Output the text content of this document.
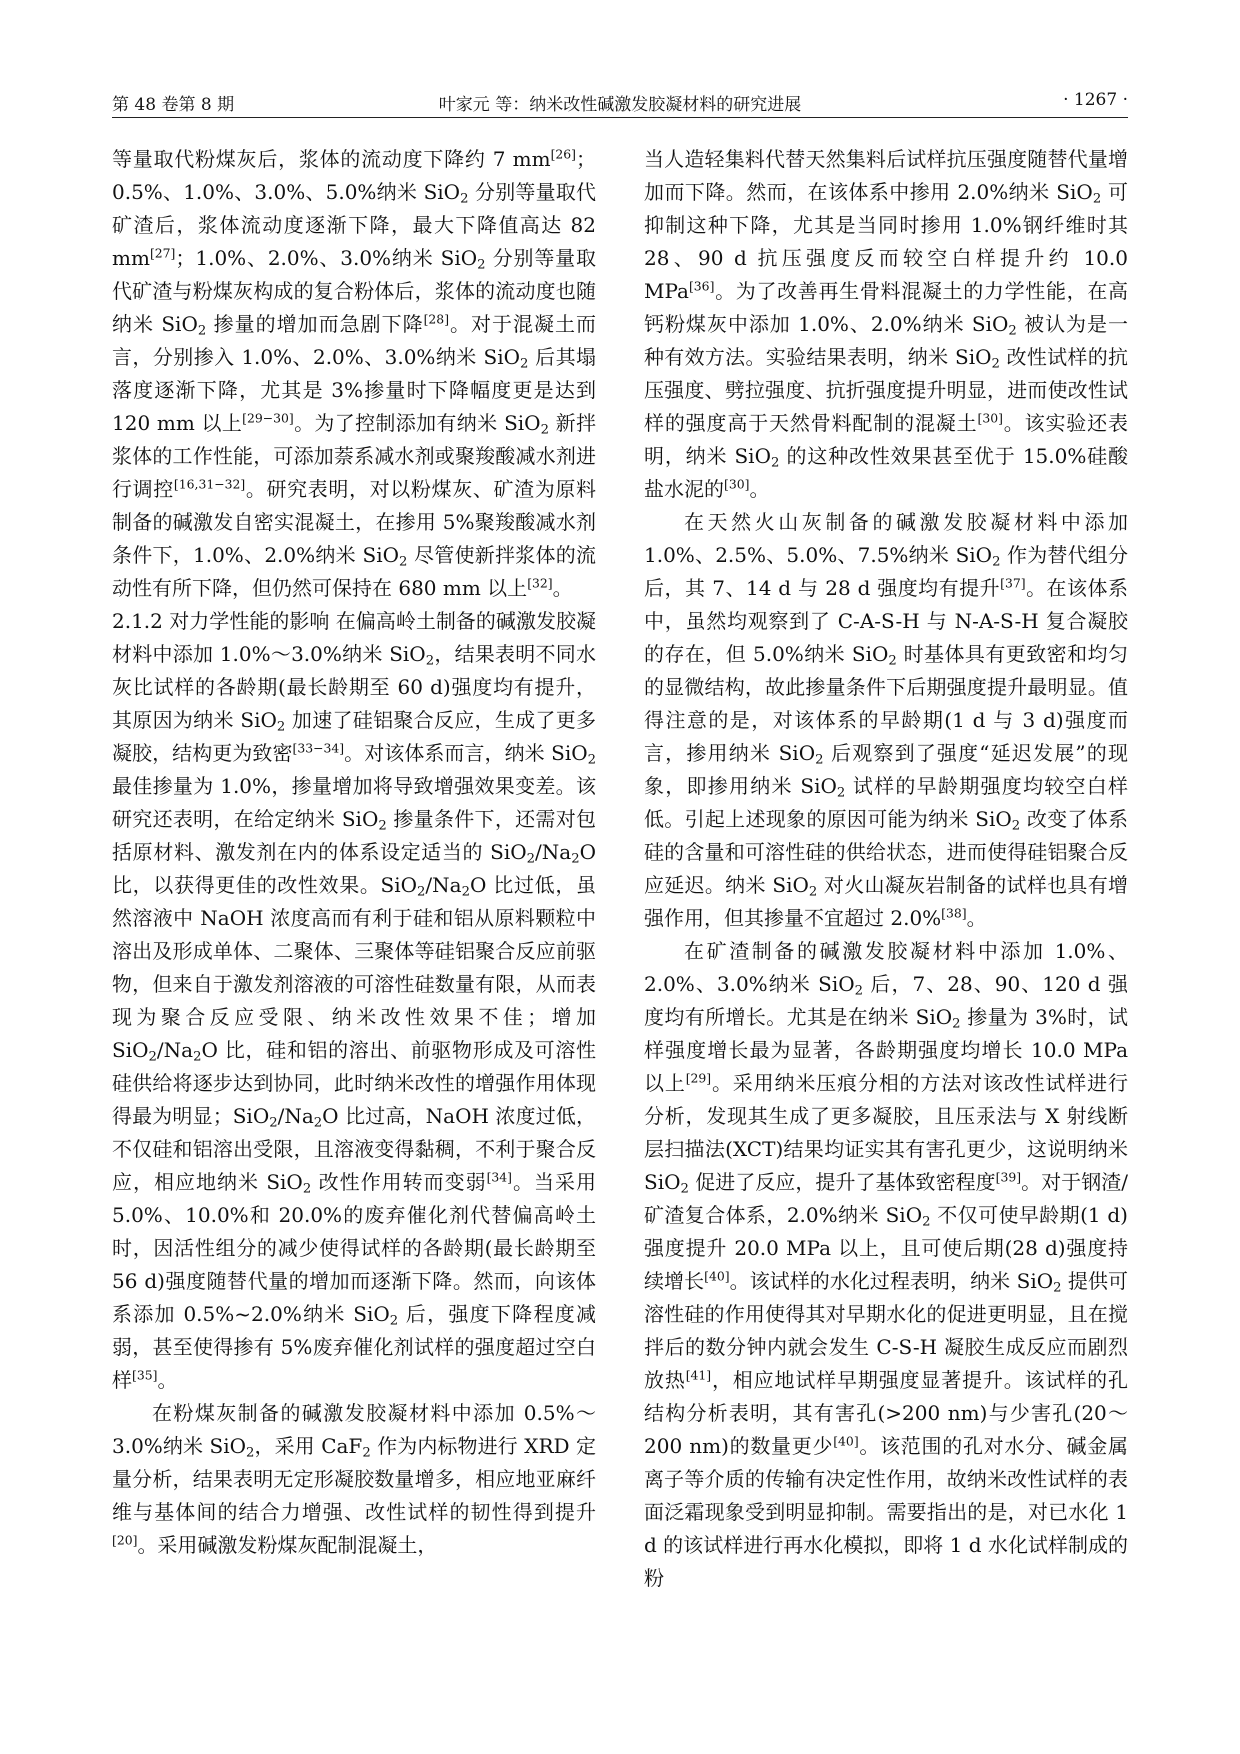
第 48 卷第 8 期	叶家元 等：纳米改性碱激发胶凝材料的研究进展	· 1267 ·

等量取代粉煤灰后，浆体的流动度下降约 7 mm[26]；0.5%、1.0%、3.0%、5.0%纳米 SiO$_2$ 分别等量取代矿渣后，浆体流动度逐渐下降，最大下降值高达 82 mm[27]；1.0%、2.0%、3.0%纳米 SiO$_2$ 分别等量取代矿渣与粉煤灰构成的复合粉体后，浆体的流动度也随纳米 SiO$_2$ 掺量的增加而急剧下降[28]。对于混凝土而言，分别掺入 1.0%、2.0%、3.0%纳米 SiO$_2$ 后其塌落度逐渐下降，尤其是 3%掺量时下降幅度更是达到 120 mm 以上[29−30]。为了控制添加有纳米 SiO$_2$ 新拌浆体的工作性能，可添加萘系减水剂或聚羧酸减水剂进行调控[16,31−32]。研究表明，对以粉煤灰、矿渣为原料制备的碱激发自密实混凝土，在掺用 5%聚羧酸减水剂条件下，1.0%、2.0%纳米 SiO$_2$ 尽管使新拌浆体的流动性有所下降，但仍然可保持在 680 mm 以上[32]。

2.1.2 对力学性能的影响 在偏高岭土制备的碱激发胶凝材料中添加 1.0%～3.0%纳米 SiO$_2$，结果表明不同水灰比试样的各龄期(最长龄期至 60 d)强度均有提升，其原因为纳米 SiO$_2$ 加速了硅铝聚合反应，生成了更多凝胶，结构更为致密[33−34]。对该体系而言，纳米 SiO$_2$ 最佳掺量为 1.0%，掺量增加将导致增强效果变差。该研究还表明，在给定纳米 SiO$_2$ 掺量条件下，还需对包括原材料、激发剂在内的体系设定适当的 $SiO_2/Na_2O$ 比，以获得更佳的改性效果。$SiO_2/Na_2O$ 比过低，虽然溶液中 NaOH 浓度高而有利于硅和铝从原料颗粒中溶出及形成单体、二聚体、三聚体等硅铝聚合反应前驱物，但来自于激发剂溶液的可溶性硅数量有限，从而表现为聚合反应受限、纳米改性效果不佳；增加 $SiO_2/Na_2O$ 比，硅和铝的溶出、前驱物形成及可溶性硅供给将逐步达到协同，此时纳米改性的增强作用体现得最为明显；$SiO_2/Na_2O$ 比过高，NaOH 浓度过低，不仅硅和铝溶出受限，且溶液变得黏稠，不利于聚合反应，相应地纳米 SiO$_2$ 改性作用转而变弱[34]。当采用 5.0%、10.0%和 20.0%的废弃催化剂代替偏高岭土时，因活性组分的减少使得试样的各龄期(最长龄期至 56 d)强度随替代量的增加而逐渐下降。然而，向该体系添加 0.5%~2.0%纳米 SiO$_2$ 后，强度下降程度减弱，甚至使得掺有 5%废弃催化剂试样的强度超过空白样[35]。

在粉煤灰制备的碱激发胶凝材料中添加 0.5%～3.0%纳米 SiO$_2$，采用 CaF$_2$ 作为内标物进行 XRD 定量分析，结果表明无定形凝胶数量增多，相应地亚麻纤维与基体间的结合力增强、改性试样的韧性得到提升[20]。采用碱激发粉煤灰配制混凝土，

当人造轻集料代替天然集料后试样抗压强度随替代量增加而下降。然而，在该体系中掺用 2.0%纳米 SiO$_2$ 可抑制这种下降，尤其是当同时掺用 1.0%钢纤维时其 28、90 d 抗压强度反而较空白样提升约 10.0 MPa[36]。为了改善再生骨料混凝土的力学性能，在高钙粉煤灰中添加 1.0%、2.0%纳米 SiO$_2$ 被认为是一种有效方法。实验结果表明，纳米 SiO$_2$ 改性试样的抗压强度、劈拉强度、抗折强度提升明显，进而使改性试样的强度高于天然骨料配制的混凝土[30]。该实验还表明，纳米 SiO$_2$ 的这种改性效果甚至优于 15.0%硅酸盐水泥的[30]。

在天然火山灰制备的碱激发胶凝材料中添加 1.0%、2.5%、5.0%、7.5%纳米 SiO$_2$ 作为替代组分后，其 7、14 d 与 28 d 强度均有提升[37]。在该体系中，虽然均观察到了 C-A-S-H 与 N-A-S-H 复合凝胶的存在，但 5.0%纳米 SiO$_2$ 时基体具有更致密和均匀的显微结构，故此掺量条件下后期强度提升最明显。值得注意的是，对该体系的早龄期(1 d 与 3 d)强度而言，掺用纳米 SiO$_2$ 后观察到了强度“延迟发展”的现象，即掺用纳米 SiO$_2$ 试样的早龄期强度均较空白样低。引起上述现象的原因可能为纳米 SiO$_2$ 改变了体系硅的含量和可溶性硅的供给状态，进而使得硅铝聚合反应延迟。纳米 SiO$_2$ 对火山凝灰岩制备的试样也具有增强作用，但其掺量不宜超过 2.0%[38]。

在矿渣制备的碱激发胶凝材料中添加 1.0%、2.0%、3.0%纳米 SiO$_2$ 后，7、28、90、120 d 强度均有所增长。尤其是在纳米 SiO$_2$ 掺量为 3%时，试样强度增长最为显著，各龄期强度均增长 10.0 MPa 以上[29]。采用纳米压痕分相的方法对该改性试样进行分析，发现其生成了更多凝胶，且压汞法与 X 射线断层扫描法(XCT)结果均证实其有害孔更少，这说明纳米 SiO$_2$ 促进了反应，提升了基体致密程度[39]。对于钢渣/矿渣复合体系，2.0%纳米 SiO$_2$ 不仅可使早龄期(1 d)强度提升 20.0 MPa 以上，且可使后期(28 d)强度持续增长[40]。该试样的水化过程表明，纳米 SiO$_2$ 提供可溶性硅的作用使得其对早期水化的促进更明显，且在搅拌后的数分钟内就会发生 C-S-H 凝胶生成反应而剧烈放热[41]，相应地试样早期强度显著提升。该试样的孔结构分析表明，其有害孔(>200 nm)与少害孔(20～200 nm)的数量更少[40]。该范围的孔对水分、碱金属离子等介质的传输有决定性作用，故纳米改性试样的表面泛霜现象受到明显抑制。需要指出的是，对已水化 1 d 的该试样进行再水化模拟，即将 1 d 水化试样制成的粉
